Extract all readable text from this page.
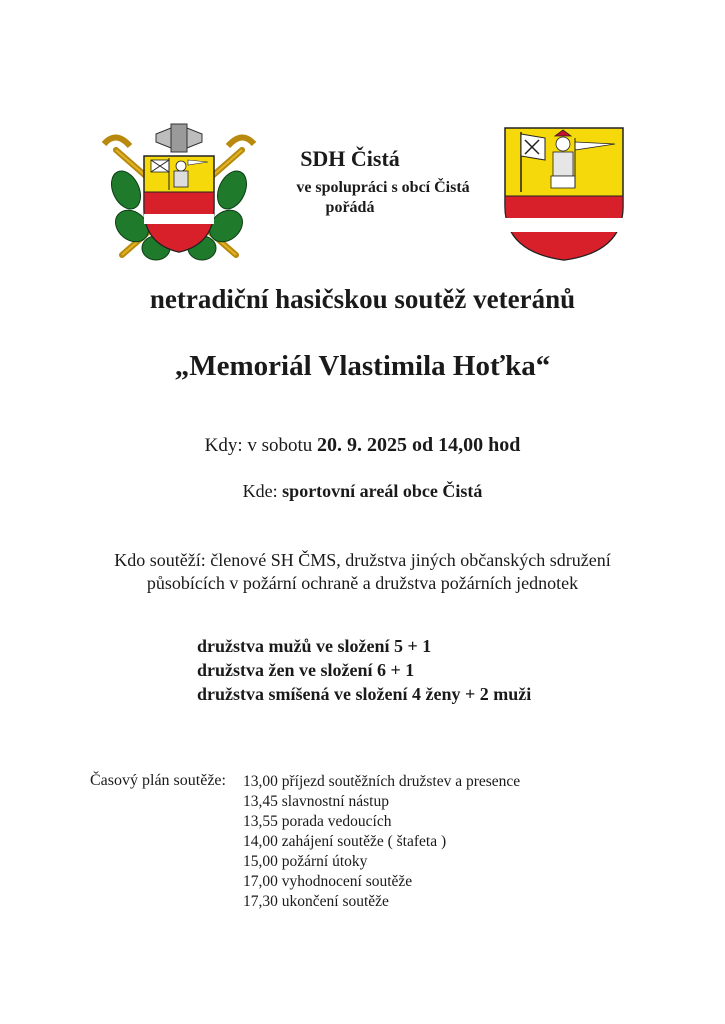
SDH Čistá
ve spolupráci s obcí Čistá
pořádá
netradiční hasičskou soutěž veteránů
„Memoriál Vlastimila Hoťka“
Kdy: v sobotu 20. 9. 2025 od 14,00 hod
Kde: sportovní areál obce Čistá
Kdo soutěží: členové SH ČMS, družstva jiných občanských sdružení
působících v požární ochraně a družstva požárních jednotek
družstva mužů ve složení 5 + 1
družstva žen ve složení 6 + 1
družstva smíšená ve složení 4 ženy + 2 muži
Časový plán soutěže: 13,00 příjezd soutěžních družstev a presence
13,45 slavnostní nástup
13,55 porada vedoucích
14,00 zahájení soutěže ( štafeta )
15,00 požární útoky
17,00 vyhodnocení soutěže
17,30 ukončení soutěže
